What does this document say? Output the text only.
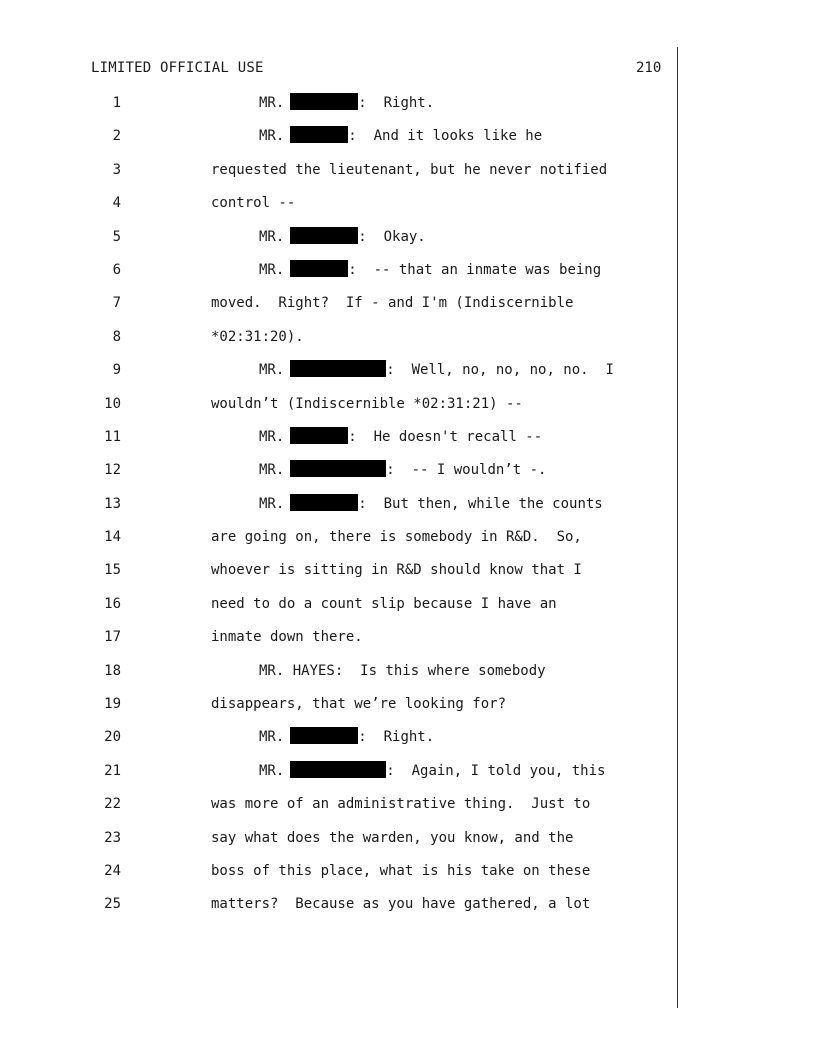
LIMITED OFFICIAL USE	210
1	MR.	:  Right.
2	MR.	:  And it looks like he
3	requested the lieutenant, but he never notified
4	control --
5	MR.	:  Okay.
6	MR.	:  -- that an inmate was being
7	moved.  Right?  If - and I'm (Indiscernible
8	*02:31:20).
9	MR.	:  Well, no, no, no, no.  I
10	wouldn’t (Indiscernible *02:31:21) --
11	MR.	:  He doesn't recall --
12	MR.	:  -- I wouldn’t -.
13	MR.	:  But then, while the counts
14	are going on, there is somebody in R&D.  So,
15	whoever is sitting in R&D should know that I
16	need to do a count slip because I have an
17	inmate down there.
18	MR. HAYES:  Is this where somebody
19	disappears, that we’re looking for?
20	MR.	:  Right.
21	MR.	:  Again, I told you, this
22	was more of an administrative thing.  Just to
23	say what does the warden, you know, and the
24	boss of this place, what is his take on these
25	matters?  Because as you have gathered, a lot
